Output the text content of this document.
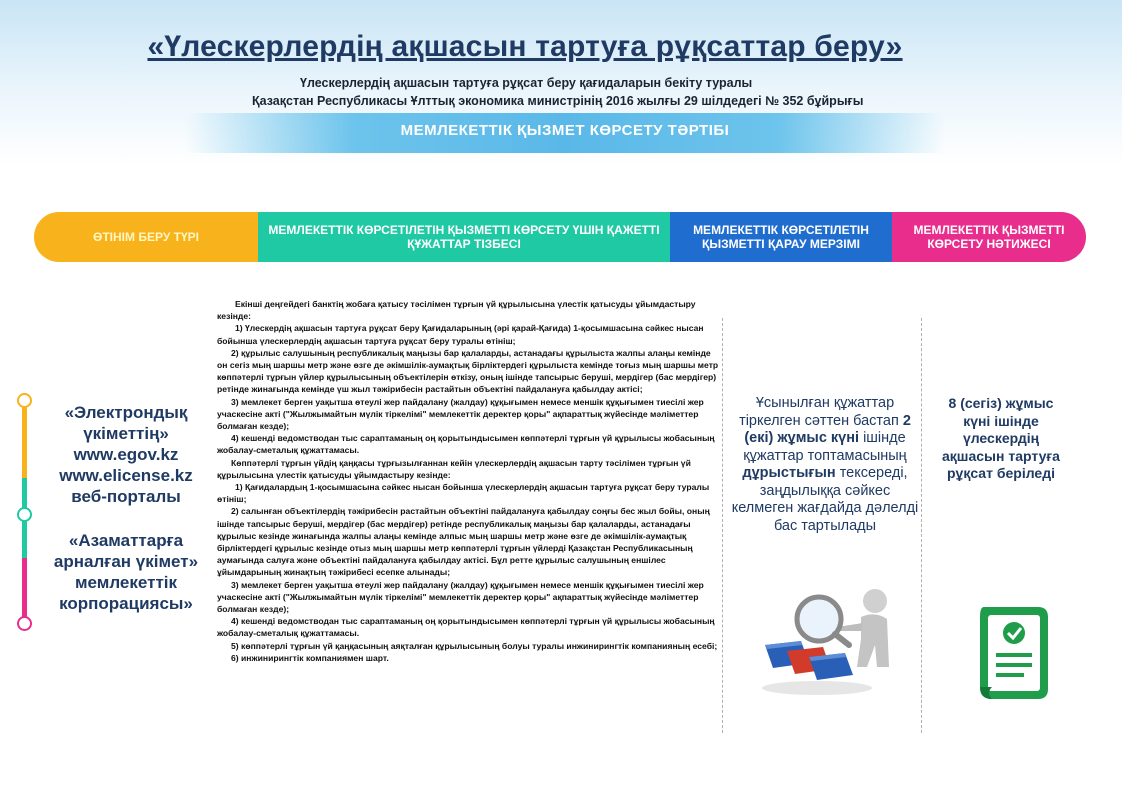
«Үлескерлердің ақшасын тартуға рұқсаттар беру»
Үлескерлердің ақшасын тартуға рұқсат беру қағидаларын бекіту туралы
Қазақстан Республикасы Ұлттық экономика министрінің 2016 жылғы 29 шілдедегі № 352 бұйрығы
МЕМЛЕКЕТТІК ҚЫЗМЕТ КӨРСЕТУ ТӘРТІБІ
ӨТІНІМ БЕРУ ТҮРІ
МЕМЛЕКЕТТІК КӨРСЕТІЛЕТІН ҚЫЗМЕТТІ КӨРСЕТУ ҮШІН ҚАЖЕТТІ ҚҰЖАТТАР ТІЗБЕСІ
МЕМЛЕКЕТТІК КӨРСЕТІЛЕТІН ҚЫЗМЕТТІ ҚАРАУ МЕРЗІМІ
МЕМЛЕКЕТТІК ҚЫЗМЕТТІ КӨРСЕТУ НӘТИЖЕСІ
«Электрондық үкіметтің»
www.egov.kz
www.elicense.kz
веб-порталы
«Азаматтарға арналған үкімет» мемлекеттік корпорациясы»

Екінші деңгейдегі банктің жобаға қатысу тәсілімен тұрғын үй құрылысына үлестік қатысуды ұйымдастыру кезінде:

1) Үлескердің ақшасын тартуға рұқсат беру Қағидаларының (әрі қарай-Қағида) 1-қосымшасына сәйкес нысан бойынша үлескерлердің ақшасын тартуға рұқсат беру туралы өтініш;

2) құрылыс салушының республикалық маңызы бар қалаларды, астанадағы құрылыста жалпы алаңы кемінде он сегіз мың шаршы метр және өзге де әкімшілік-аумақтық бірліктердегі құрылыста кемінде тоғыз мың шаршы метр көппәтерлі тұрғын үйлер құрылысының объектілерін өткізу, оның ішінде тапсырыс беруші, мердігер (бас мердігер) ретінде жинағында кемінде үш жыл тәжірибесін растайтын объектіні пайдалануға қабылдау актісі;

3) мемлекет берген уақытша өтеулі жер пайдалану (жалдау) құқығымен немесе меншік құқығымен тиесілі жер учаскесіне акті ("Жылжымайтын мүлік тіркелімі" мемлекеттік деректер қоры" ақпараттық жүйесінде мәліметтер болмаған кезде);

4) кешенді ведомстводан тыс сараптаманың оң қорытындысымен көппәтерлі тұрғын үй құрылысы жобасының жобалау-сметалық құжаттамасы.

Көппәтерлі тұрғын үйдің қаңқасы тұрғызылғаннан кейін үлескерлердің ақшасын тарту тәсілімен тұрғын үй құрылысына үлестік қатысуды ұйымдастыру кезінде:

1) Қағидалардың 1-қосымшасына сәйкес нысан бойынша үлескерлердің ақшасын тартуға рұқсат беру туралы өтініш;

2) салынған объектілердің тәжірибесін растайтын объектіні пайдалануға қабылдау соңғы бес жыл бойы, оның ішінде тапсырыс беруші, мердігер (бас мердігер) ретінде республикалық маңызы бар қалаларды, астанадағы құрылыс кезінде жинағында жалпы алаңы кемінде алпыс мың шаршы метр және өзге де әкімшілік-аумақтық бірліктердегі құрылыс кезінде отыз мың шаршы метр көппәтерлі тұрғын үйлерді Қазақстан Республикасының аумағында салуға және объектіні пайдалануға қабылдау актісі. Бұл ретте құрылыс салушының еншілес ұйымдарының жинақтың тәжірибесі есепке алынады;

3) мемлекет берген уақытша өтеулі жер пайдалану (жалдау) құқығымен немесе меншік құқығымен тиесілі жер учаскесіне акті ("Жылжымайтын мүлік тіркелімі" мемлекеттік деректер қоры" ақпараттық жүйесінде мәліметтер болмаған кезде);

4) кешенді ведомстводан тыс сараптаманың оң қорытындысымен көппәтерлі тұрғын үй құрылысы жобасының жобалау-сметалық құжаттамасы.

5) көппәтерлі тұрғын үй қаңқасының аяқталған құрылысының болуы туралы инжинирингтік компанияның есебі;

6) инжинирингтік компаниямен шарт.

Ұсынылған құжаттар тіркелген сәттен бастап 2 (екі) жұмыс күні ішінде құжаттар топтамасының дұрыстығын тексереді, заңдылыққа сәйкес келмеген жағдайда дәлелді бас тартылады
8 (сегіз) жұмыс күні ішінде үлескердің ақшасын тартуға рұқсат беріледі
